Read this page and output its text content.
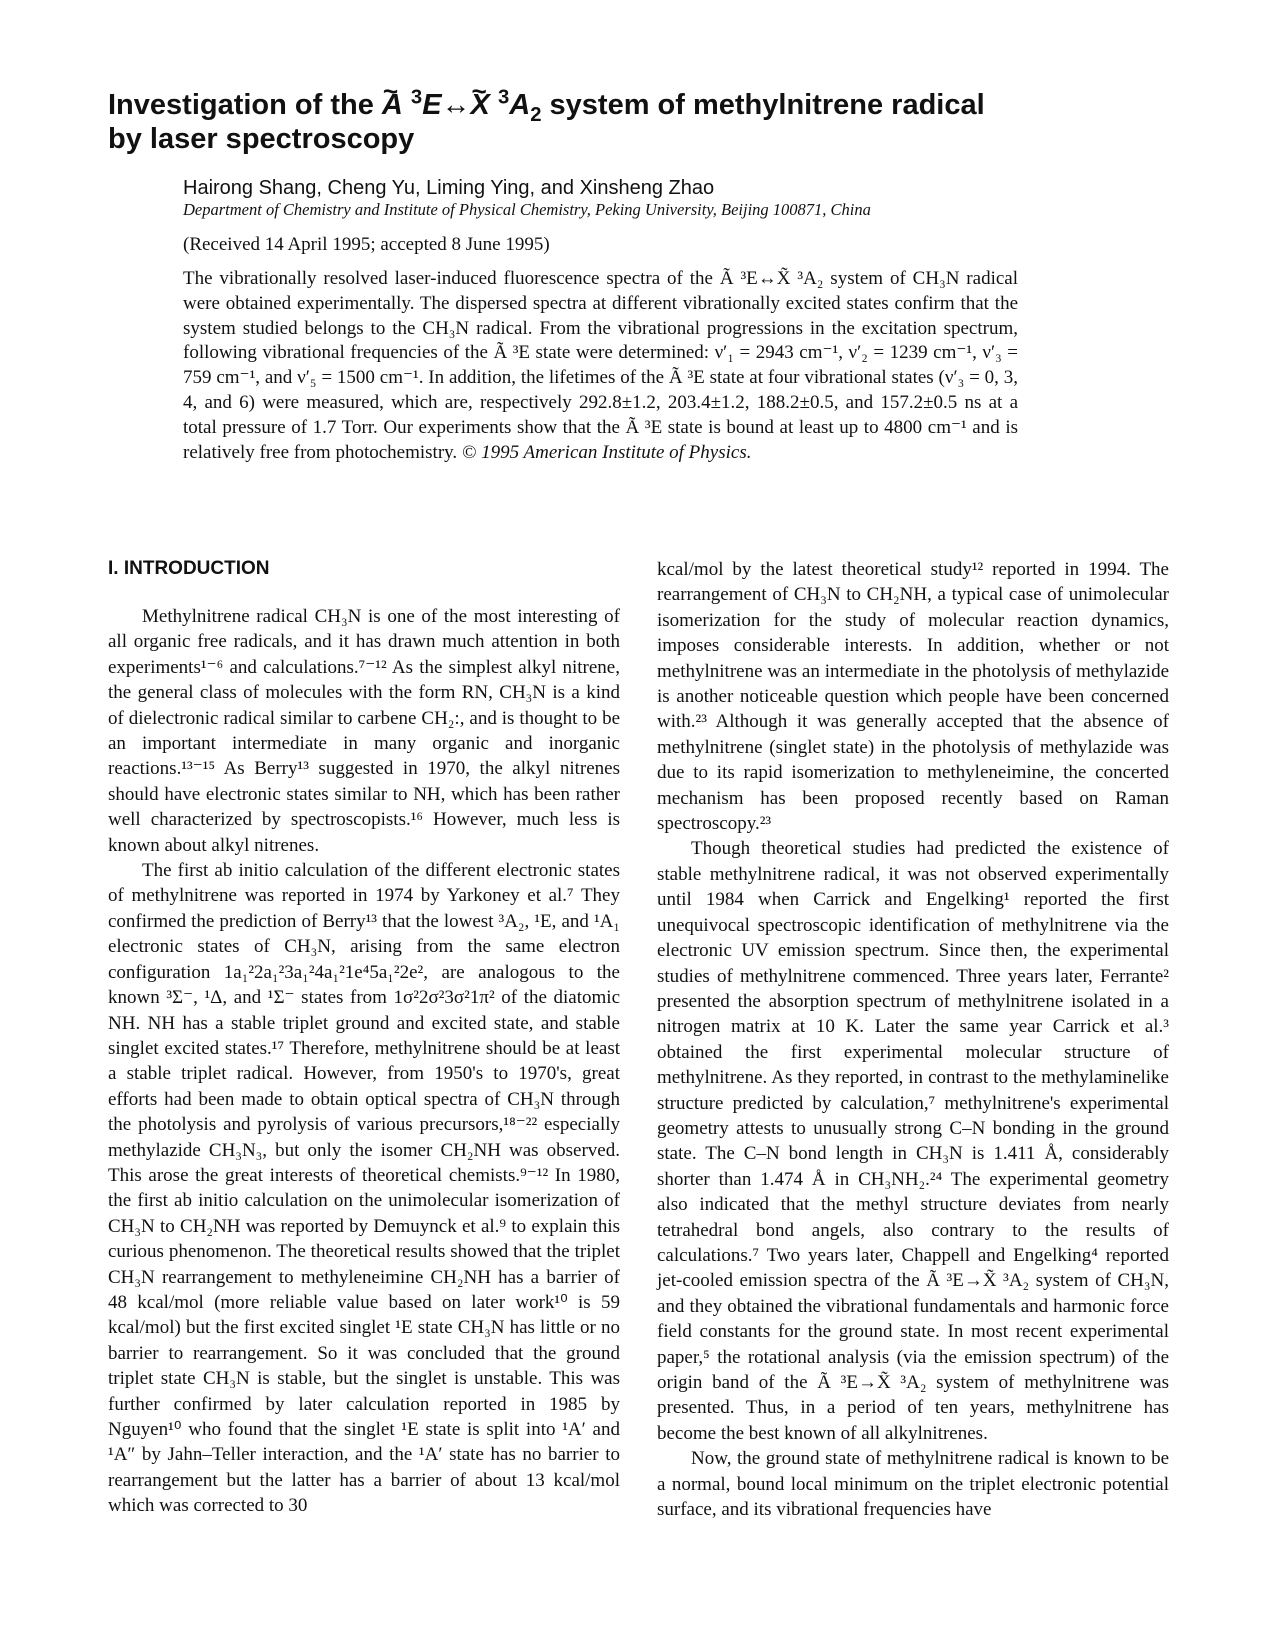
Investigation of the ~ A $^3$E↔~ X $^3A_2$ system of methylnitrene radical
by laser spectroscopy
Hairong Shang, Cheng Yu, Liming Ying, and Xinsheng Zhao
Department of Chemistry and Institute of Physical Chemistry, Peking University, Beijing 100871, China
(Received 14 April 1995; accepted 8 June 1995)
The vibrationally resolved laser-induced fluorescence spectra of the Ã ³E↔X̃ ³A₂ system of CH₃N radical were obtained experimentally. The dispersed spectra at different vibrationally excited states confirm that the system studied belongs to the CH₃N radical. From the vibrational progressions in the excitation spectrum, following vibrational frequencies of the Ã ³E state were determined: ν′₁ = 2943 cm⁻¹, ν′₂ = 1239 cm⁻¹, ν′₃ = 759 cm⁻¹, and ν′₅ = 1500 cm⁻¹. In addition, the lifetimes of the Ã ³E state at four vibrational states (ν′₃ = 0, 3, 4, and 6) were measured, which are, respectively 292.8±1.2, 203.4±1.2, 188.2±0.5, and 157.2±0.5 ns at a total pressure of 1.7 Torr. Our experiments show that the Ã ³E state is bound at least up to 4800 cm⁻¹ and is relatively free from photochemistry. © 1995 American Institute of Physics.
I. INTRODUCTION

Methylnitrene radical CH₃N is one of the most interesting of all organic free radicals, and it has drawn much attention in both experiments¹⁻⁶ and calculations.⁷⁻¹² As the simplest alkyl nitrene, the general class of molecules with the form RN, CH₃N is a kind of dielectronic radical similar to carbene CH₂:, and is thought to be an important intermediate in many organic and inorganic reactions.¹³⁻¹⁵ As Berry¹³ suggested in 1970, the alkyl nitrenes should have electronic states similar to NH, which has been rather well characterized by spectroscopists.¹⁶ However, much less is known about alkyl nitrenes.

The first ab initio calculation of the different electronic states of methylnitrene was reported in 1974 by Yarkoney et al.⁷ They confirmed the prediction of Berry¹³ that the lowest ³A₂, ¹E, and ¹A₁ electronic states of CH₃N, arising from the same electron configuration 1a₁²2a₁²3a₁²4a₁²1e⁴5a₁²2e², are analogous to the known ³Σ⁻, ¹Δ, and ¹Σ⁻ states from 1σ²2σ²3σ²1π² of the diatomic NH. NH has a stable triplet ground and excited state, and stable singlet excited states.¹⁷ Therefore, methylnitrene should be at least a stable triplet radical. However, from 1950's to 1970's, great efforts had been made to obtain optical spectra of CH₃N through the photolysis and pyrolysis of various precursors,¹⁸⁻²² especially methylazide CH₃N₃, but only the isomer CH₂NH was observed. This arose the great interests of theoretical chemists.⁹⁻¹² In 1980, the first ab initio calculation on the unimolecular isomerization of CH₃N to CH₂NH was reported by Demuynck et al.⁹ to explain this curious phenomenon. The theoretical results showed that the triplet CH₃N rearrangement to methyleneimine CH₂NH has a barrier of 48 kcal/mol (more reliable value based on later work¹⁰ is 59 kcal/mol) but the first excited singlet ¹E state CH₃N has little or no barrier to rearrangement. So it was concluded that the ground triplet state CH₃N is stable, but the singlet is unstable. This was further confirmed by later calculation reported in 1985 by Nguyen¹⁰ who found that the singlet ¹E state is split into ¹A′ and ¹A″ by Jahn–Teller interaction, and the ¹A′ state has no barrier to rearrangement but the latter has a barrier of about 13 kcal/mol which was corrected to 30

kcal/mol by the latest theoretical study¹² reported in 1994. The rearrangement of CH₃N to CH₂NH, a typical case of unimolecular isomerization for the study of molecular reaction dynamics, imposes considerable interests. In addition, whether or not methylnitrene was an intermediate in the photolysis of methylazide is another noticeable question which people have been concerned with.²³ Although it was generally accepted that the absence of methylnitrene (singlet state) in the photolysis of methylazide was due to its rapid isomerization to methyleneimine, the concerted mechanism has been proposed recently based on Raman spectroscopy.²³

Though theoretical studies had predicted the existence of stable methylnitrene radical, it was not observed experimentally until 1984 when Carrick and Engelking¹ reported the first unequivocal spectroscopic identification of methylnitrene via the electronic UV emission spectrum. Since then, the experimental studies of methylnitrene commenced. Three years later, Ferrante² presented the absorption spectrum of methylnitrene isolated in a nitrogen matrix at 10 K. Later the same year Carrick et al.³ obtained the first experimental molecular structure of methylnitrene. As they reported, in contrast to the methylaminelike structure predicted by calculation,⁷ methylnitrene's experimental geometry attests to unusually strong C–N bonding in the ground state. The C–N bond length in CH₃N is 1.411 Å, considerably shorter than 1.474 Å in CH₃NH₂.²⁴ The experimental geometry also indicated that the methyl structure deviates from nearly tetrahedral bond angels, also contrary to the results of calculations.⁷ Two years later, Chappell and Engelking⁴ reported jet-cooled emission spectra of the Ã ³E→X̃ ³A₂ system of CH₃N, and they obtained the vibrational fundamentals and harmonic force field constants for the ground state. In most recent experimental paper,⁵ the rotational analysis (via the emission spectrum) of the origin band of the Ã ³E→X̃ ³A₂ system of methylnitrene was presented. Thus, in a period of ten years, methylnitrene has become the best known of all alkylnitrenes.

Now, the ground state of methylnitrene radical is known to be a normal, bound local minimum on the triplet electronic potential surface, and its vibrational frequencies have
